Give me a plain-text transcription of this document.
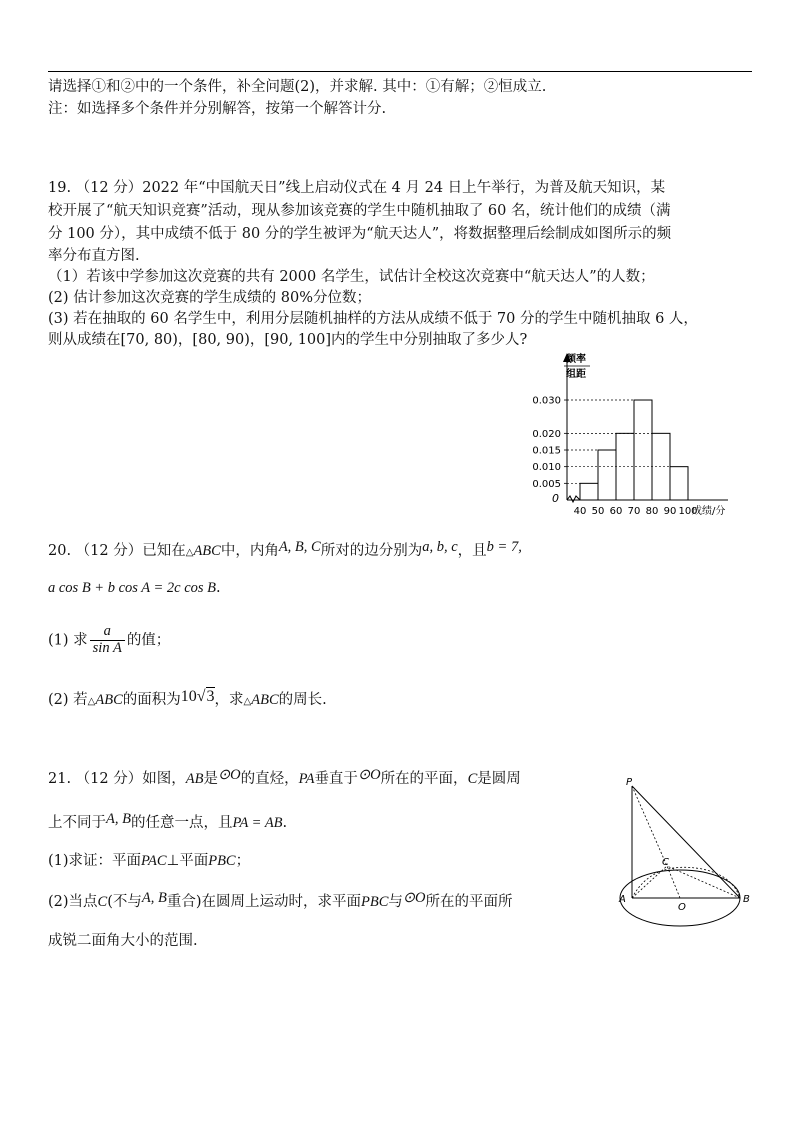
请选择①和②中的一个条件，补全问题(2)，并求解. 其中：①有解；②恒成立.
注：如选择多个条件并分别解答，按第一个解答计分.
19. （12 分）2022 年“中国航天日”线上启动仪式在 4 月 24 日上午举行，为普及航天知识，某
校开展了“航天知识竞赛”活动，现从参加该竞赛的学生中随机抽取了 60 名，统计他们的成绩（满
分 100 分），其中成绩不低于 80 分的学生被评为“航天达人”，将数据整理后绘制成如图所示的频
率分布直方图.
（1）若该中学参加这次竞赛的共有 2000 名学生，试估计全校这次竞赛中“航天达人”的人数；
(2) 估计参加这次竞赛的学生成绩的 80%分位数；
(3) 若在抽取的 60 名学生中，利用分层随机抽样的方法从成绩不低于 70 分的学生中随机抽取 6 人，
则从成绩在[70, 80)，[80, 90)，[90, 100]内的学生中分别抽取了多少人?
频率
组距
0
成绩/分
0.005
0.010
0.015
0.020
0.030
40 50 60 70 80 90 100
20. （12 分）已知在△ABC中，内角A, B, C所对的边分别为a, b, c，且b = 7,
a cos B + b cos A = 2c cos B.
(1) 求 $\frac{a}{\text{sin A}}$ 的值；
(2) 若△ABC的面积为10√3，求△ABC的周长.
21. （12 分）如图，AB是⊙O的直烃，PA垂直于⊙O所在的平面，C是圆周
上不同于A, B的任意一点，且PA = AB.
(1)求证：平面PAC⊥平面PBC；
(2)当点C(不与A, B重合)在圆周上运动时，求平面PBC与⊙O所在的平面所
成锐二面角大小的范围.
P
A	B
C
O
